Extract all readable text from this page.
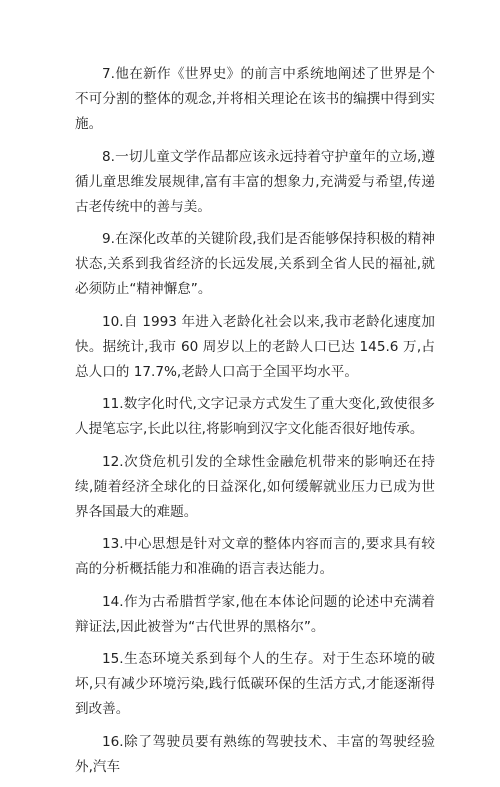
7.他在新作《世界史》的前言中系统地阐述了世界是个不可分割的整体的观念,并将相关理论在该书的编撰中得到实施。

8.一切儿童文学作品都应该永远持着守护童年的立场,遵循儿童思维发展规律,富有丰富的想象力,充满爱与希望,传递古老传统中的善与美。

9.在深化改革的关键阶段,我们是否能够保持积极的精神状态,关系到我省经济的长远发展,关系到全省人民的福祉,就必须防止“精神懈怠”。

10.自 1993 年进入老龄化社会以来,我市老龄化速度加快。据统计,我市 60 周岁以上的老龄人口已达 145.6 万,占总人口的 17.7%,老龄人口高于全国平均水平。

11.数字化时代,文字记录方式发生了重大变化,致使很多人提笔忘字,长此以往,将影响到汉字文化能否很好地传承。

12.次贷危机引发的全球性金融危机带来的影响还在持续,随着经济全球化的日益深化,如何缓解就业压力已成为世界各国最大的难题。

13.中心思想是针对文章的整体内容而言的,要求具有较高的分析概括能力和准确的语言表达能力。

14.作为古希腊哲学家,他在本体论问题的论述中充满着辩证法,因此被誉为“古代世界的黑格尔”。

15.生态环境关系到每个人的生存。对于生态环境的破坏,只有减少环境污染,践行低碳环保的生活方式,才能逐渐得到改善。

16.除了驾驶员要有熟练的驾驶技术、丰富的驾驶经验外,汽车
